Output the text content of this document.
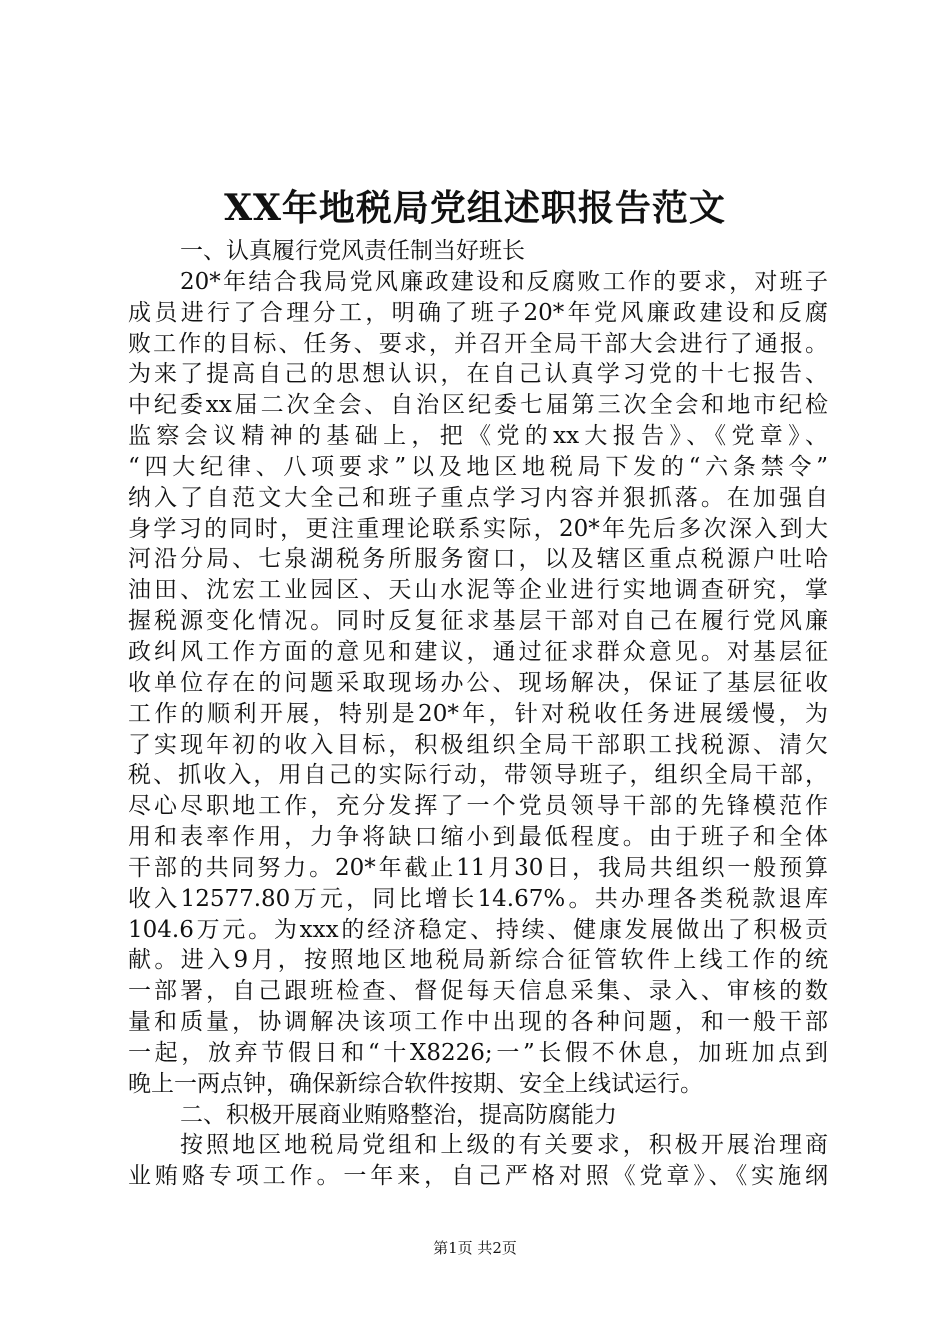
XX年地税局党组述职报告范文
一、认真履行党风责任制当好班长
20*年结合我局党风廉政建设和反腐败工作的要求，对班子
成员进行了合理分工，明确了班子20*年党风廉政建设和反腐
败工作的目标、任务、要求，并召开全局干部大会进行了通报。
为来了提高自己的思想认识，在自己认真学习党的十七报告、
中纪委xx届二次全会、自治区纪委七届第三次全会和地市纪检
监察会议精神的基础上，把《党的xx大报告》、《党章》、
“四大纪律、八项要求”以及地区地税局下发的“六条禁令”
纳入了自范文大全己和班子重点学习内容并狠抓落。在加强自
身学习的同时，更注重理论联系实际，20*年先后多次深入到大
河沿分局、七泉湖税务所服务窗口，以及辖区重点税源户吐哈
油田、沈宏工业园区、天山水泥等企业进行实地调查研究，掌
握税源变化情况。同时反复征求基层干部对自己在履行党风廉
政纠风工作方面的意见和建议，通过征求群众意见。对基层征
收单位存在的问题采取现场办公、现场解决，保证了基层征收
工作的顺利开展，特别是20*年，针对税收任务进展缓慢，为
了实现年初的收入目标，积极组织全局干部职工找税源、清欠
税、抓收入，用自己的实际行动，带领导班子，组织全局干部，
尽心尽职地工作，充分发挥了一个党员领导干部的先锋模范作
用和表率作用，力争将缺口缩小到最低程度。由于班子和全体
干部的共同努力。20*年截止11月30日，我局共组织一般预算
收入12577.80万元，同比增长14.67%。共办理各类税款退库
104.6万元。为xxx的经济稳定、持续、健康发展做出了积极贡
献。进入9月，按照地区地税局新综合征管软件上线工作的统
一部署，自己跟班检查、督促每天信息采集、录入、审核的数
量和质量，协调解决该项工作中出现的各种问题，和一般干部
一起，放弃节假日和“十X8226;一”长假不休息，加班加点到
晚上一两点钟，确保新综合软件按期、安全上线试运行。
二、积极开展商业贿赂整治，提高防腐能力
按照地区地税局党组和上级的有关要求，积极开展治理商
业贿赂专项工作。一年来，自己严格对照《党章》、《实施纲
第1页 共2页
